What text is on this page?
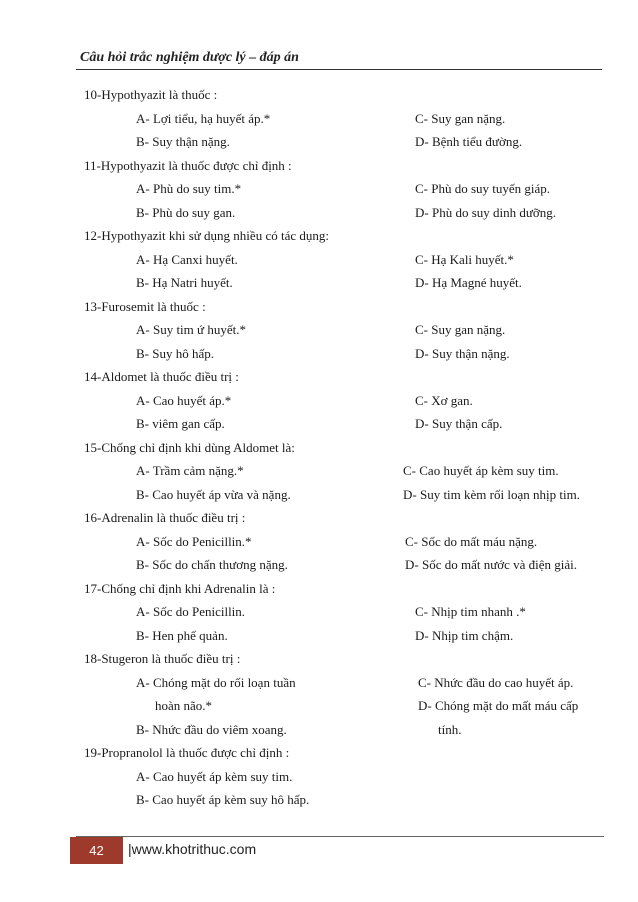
Câu hỏi trắc nghiệm dược lý – đáp án
10-Hypothyazit là thuốc :
A- Lợi tiểu, hạ huyết áp.*	C- Suy gan nặng.
B- Suy thận nặng.	D- Bệnh tiểu đường.
11-Hypothyazit là thuốc được chỉ định :
A- Phù do suy tim.*	C- Phù do suy tuyến giáp.
B- Phù do suy gan.	D- Phù do suy dinh dưỡng.
12-Hypothyazit khi sử dụng nhiều có tác dụng:
A- Hạ Canxi huyết.	C- Hạ Kali huyết.*
B- Hạ Natri huyết.	D- Hạ Magné huyết.
13-Furosemit là thuốc :
A- Suy tim ứ huyết.*	C- Suy gan nặng.
B- Suy hô hấp.	D- Suy thận nặng.
14-Aldomet là thuốc điều trị :
A- Cao huyết áp.*	C- Xơ gan.
B- viêm gan cấp.	D- Suy thận cấp.
15-Chống chỉ định khi dùng Aldomet là:
A- Trầm cảm nặng.*	C- Cao huyết áp kèm suy tim.
B- Cao huyết áp vừa và nặng.	D- Suy tim kèm rối loạn nhịp tim.
16-Adrenalin là thuốc điều trị :
A- Sốc do Penicillin.*	C- Sốc do mất máu nặng.
B- Sốc do chấn thương nặng.	D- Sốc do mất nước và điện giải.
17-Chống chỉ định khi Adrenalin là :
A- Sốc do Penicillin.	C- Nhịp tim nhanh .*
B- Hen phế quản.	D- Nhịp tim chậm.
18-Stugeron là thuốc điều trị :
A- Chóng mặt do rối loạn tuần	C- Nhức đầu do cao huyết áp.
hoàn não.*	D- Chóng mặt do mất máu cấp
B- Nhức đầu do viêm xoang.	tính.
19-Propranolol là thuốc được chỉ định :
A- Cao huyết áp kèm suy tim.
B- Cao huyết áp kèm suy hô hấp.
42	|www.khotrithuc.com
